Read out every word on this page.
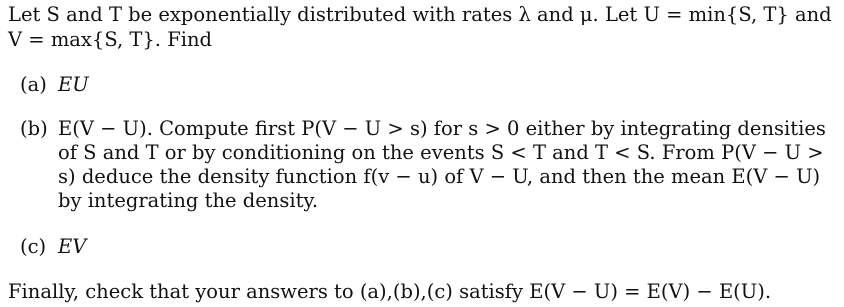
Let S and T be exponentially distributed with rates λ and μ. Let U = min{S, T} and V = max{S, T}. Find
(a) EU
(b) E(V − U). Compute first P(V − U > s) for s > 0 either by integrating densities of S and T or by conditioning on the events S < T and T < S. From P(V − U > s) deduce the density function f(v − u) of V − U, and then the mean E(V − U) by integrating the density.
(c) EV
Finally, check that your answers to (a),(b),(c) satisfy E(V − U) = E(V) − E(U).
